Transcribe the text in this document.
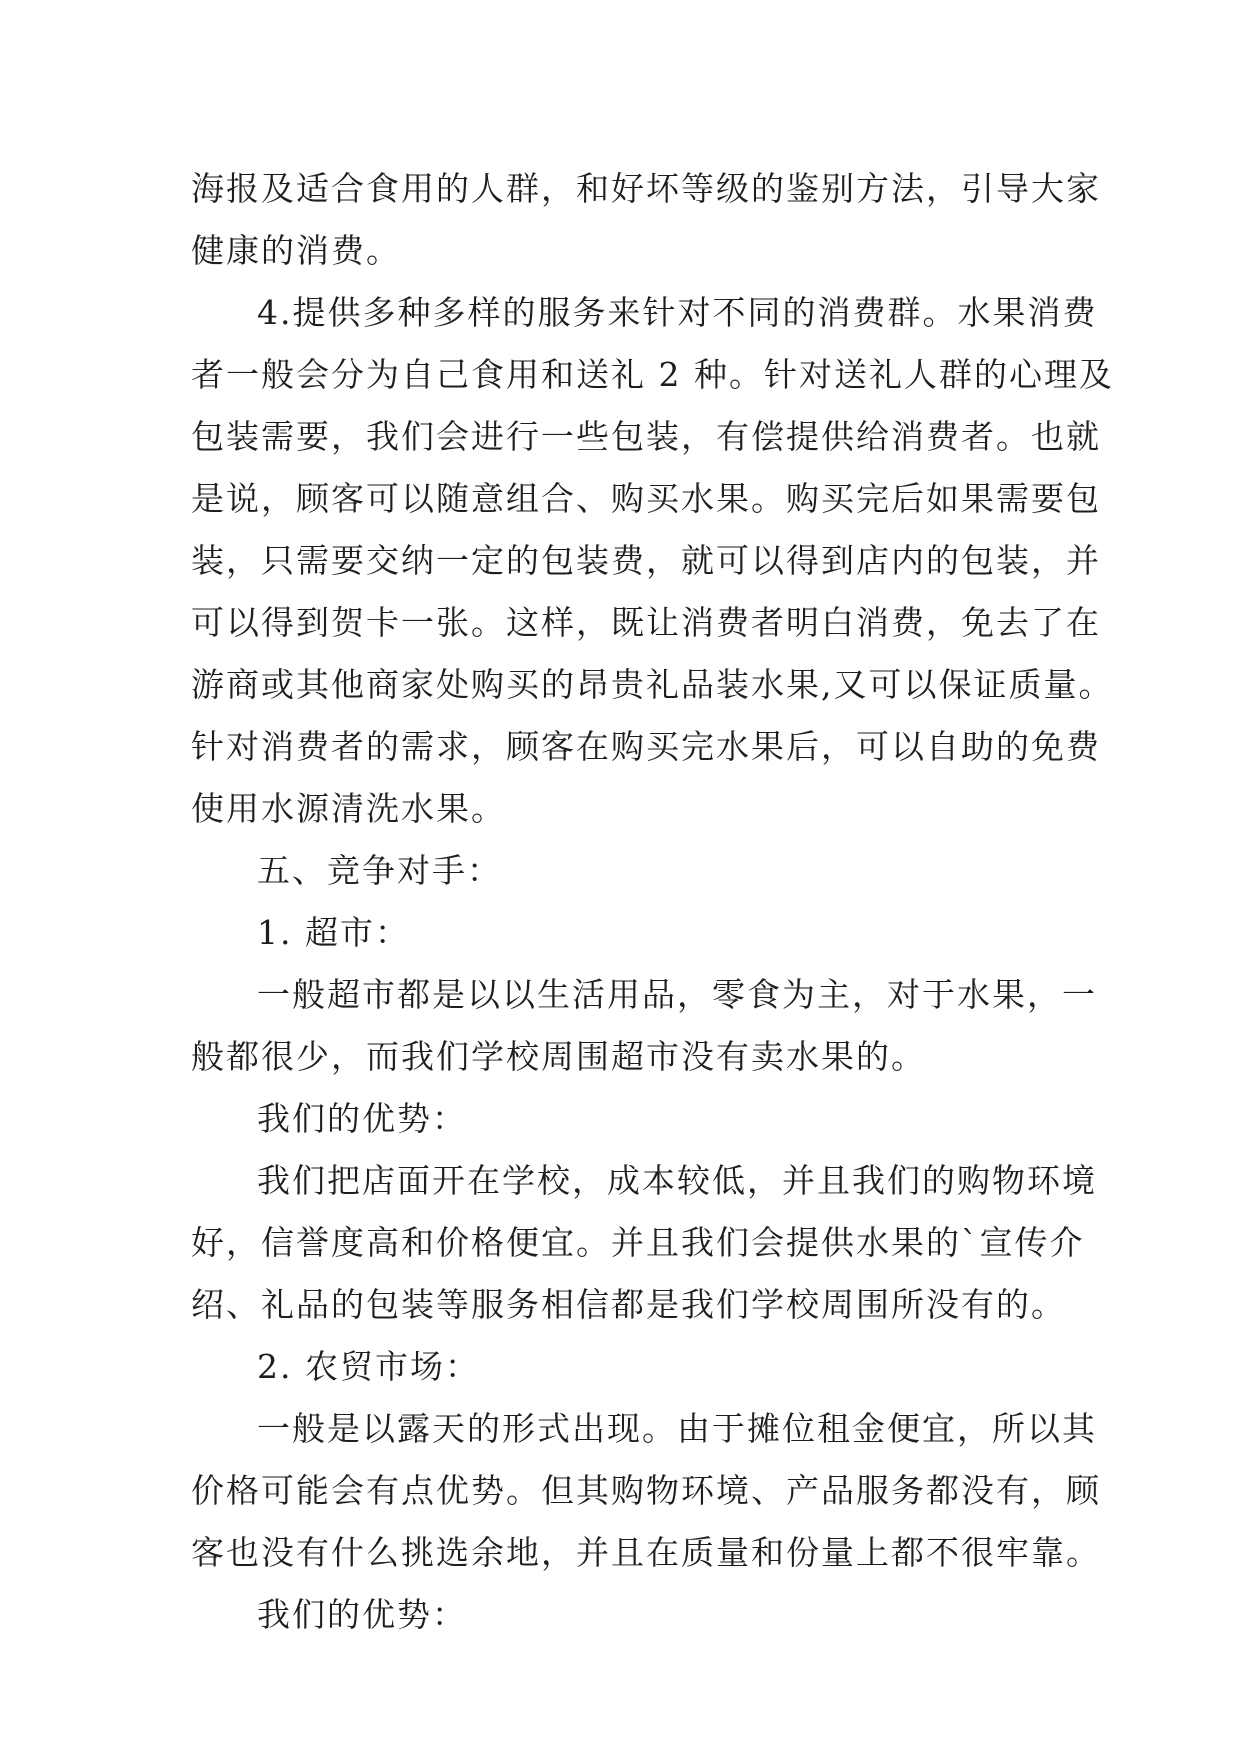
海报及适合食用的人群，和好坏等级的鉴别方法，引导大家
健康的消费。
4.提供多种多样的服务来针对不同的消费群。水果消费
者一般会分为自己食用和送礼 2 种。针对送礼人群的心理及
包装需要，我们会进行一些包装，有偿提供给消费者。也就
是说，顾客可以随意组合、购买水果。购买完后如果需要包
装，只需要交纳一定的包装费，就可以得到店内的包装，并
可以得到贺卡一张。这样，既让消费者明白消费，免去了在
游商或其他商家处购买的昂贵礼品装水果,又可以保证质量。
针对消费者的需求，顾客在购买完水果后，可以自助的免费
使用水源清洗水果。
五、竞争对手：
1. 超市：
一般超市都是以以生活用品，零食为主，对于水果，一
般都很少，而我们学校周围超市没有卖水果的。
我们的优势：
我们把店面开在学校，成本较低，并且我们的购物环境
好，信誉度高和价格便宜。并且我们会提供水果的`宣传介
绍、礼品的包装等服务相信都是我们学校周围所没有的。
2. 农贸市场：
一般是以露天的形式出现。由于摊位租金便宜，所以其
价格可能会有点优势。但其购物环境、产品服务都没有，顾
客也没有什么挑选余地，并且在质量和份量上都不很牢靠。
我们的优势：
